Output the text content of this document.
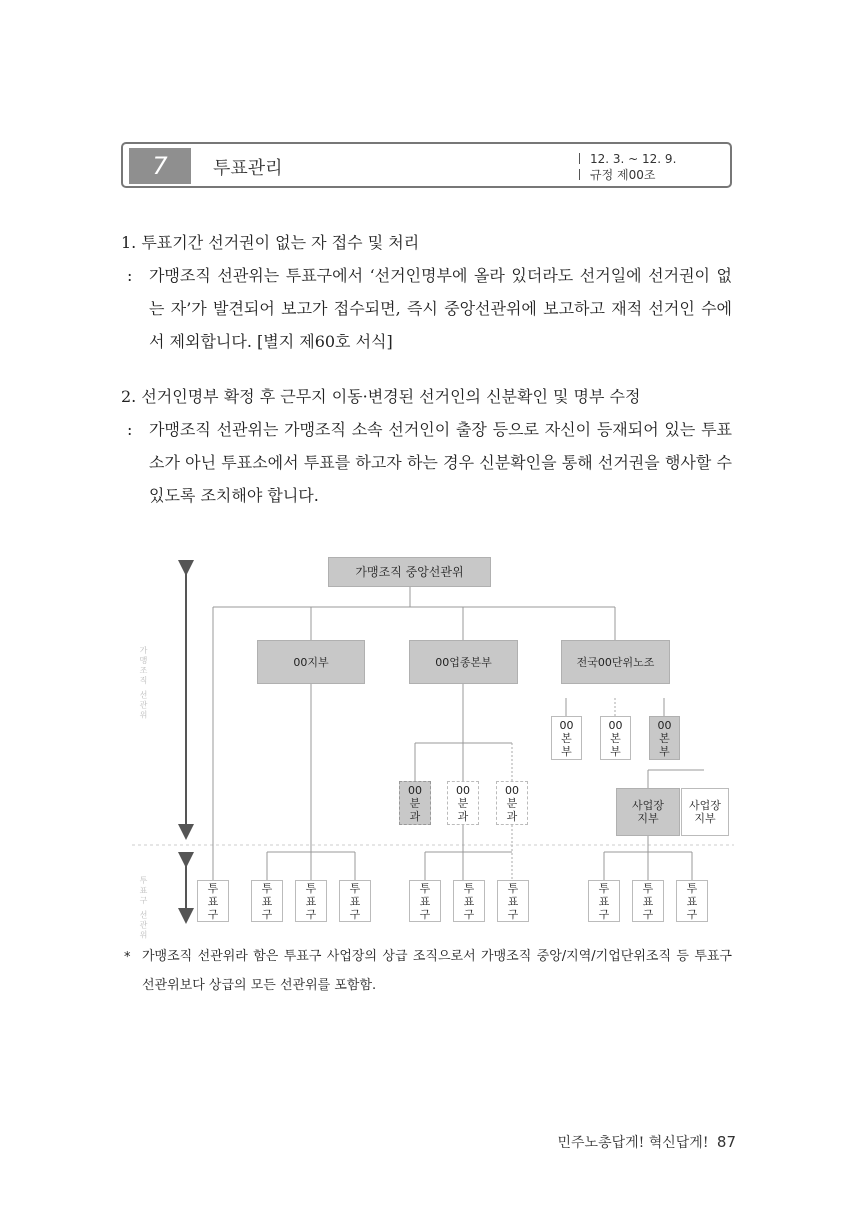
7	투표관리	12. 3. ~ 12. 9.
규정 제00조
1. 투표기간 선거권이 없는 자 접수 및 처리
: 가맹조직 선관위는 투표구에서 ‘선거인명부에 올라 있더라도 선거일에 선거권이 없는 자’가 발견되어 보고가 접수되면, 즉시 중앙선관위에 보고하고 재적 선거인 수에서 제외합니다. [별지 제60호 서식]
2. 선거인명부 확정 후 근무지 이동·변경된 선거인의 신분확인 및 명부 수정
: 가맹조직 선관위는 가맹조직 소속 선거인이 출장 등으로 자신이 등재되어 있는 투표소가 아닌 투표소에서 투표를 하고자 하는 경우 신분확인을 통해 선거권을 행사할 수 있도록 조치해야 합니다.
가맹조직 중앙선관위
00지부	00업종본부	전국00단위노조
00
본
부
00
본
부
00
본
부
00
분
과
00
분
과
00
분
과
사업장
지부
사업장
지부
투
표
구
투
표
구
투
표
구
투
표
구
투
표
구
투
표
구
투
표
구
투
표
구
투
표
구
투
표
구
가맹조직 선관위
투표구 선관위
* 가맹조직 선관위라 함은 투표구 사업장의 상급 조직으로서 가맹조직 중앙/지역/기업단위조직 등 투표구 선관위보다 상급의 모든 선관위를 포함함.
민주노총답게! 혁신답게! 87
